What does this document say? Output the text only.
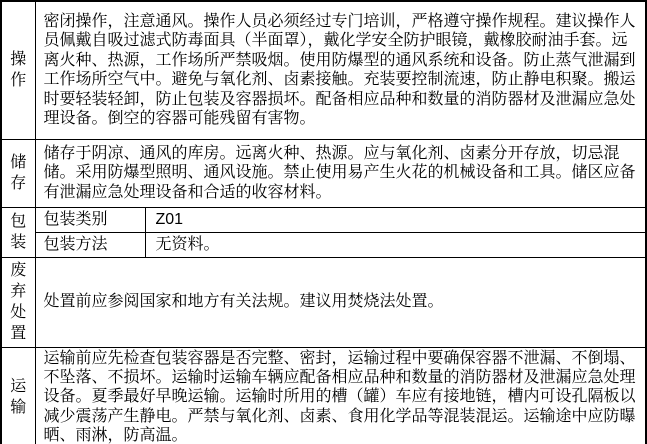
操作	密闭操作，注意通风。操作人员必须经过专门培训，严格遵守操作规程。建议操作人员佩戴自吸过滤式防毒面具（半面罩），戴化学安全防护眼镜，戴橡胶耐油手套。远离火种、热源，工作场所严禁吸烟。使用防爆型的通风系统和设备。防止蒸气泄漏到工作场所空气中。避免与氧化剂、卤素接触。充装要控制流速，防止静电积聚。搬运时要轻装轻卸，防止包装及容器损坏。配备相应品种和数量的消防器材及泄漏应急处理设备。倒空的容器可能残留有害物。	
储存	储存于阴凉、通风的库房。远离火种、热源。应与氧化剂、卤素分开存放，切忌混储。采用防爆型照明、通风设施。禁止使用易产生火花的机械设备和工具。储区应备有泄漏应急处理设备和合适的收容材料。	
包装	包装类别	Z01
	包装方法	无资料。
废弃处置	处置前应参阅国家和地方有关法规。建议用焚烧法处置。	
运输	运输前应先检查包装容器是否完整、密封，运输过程中要确保容器不泄漏、不倒塌、不坠落、不损坏。运输时运输车辆应配备相应品种和数量的消防器材及泄漏应急处理设备。夏季最好早晚运输。运输时所用的槽（罐）车应有接地链，槽内可设孔隔板以减少震荡产生静电。严禁与氧化剂、卤素、食用化学品等混装混运。运输途中应防曝晒、雨淋，防高温。	
